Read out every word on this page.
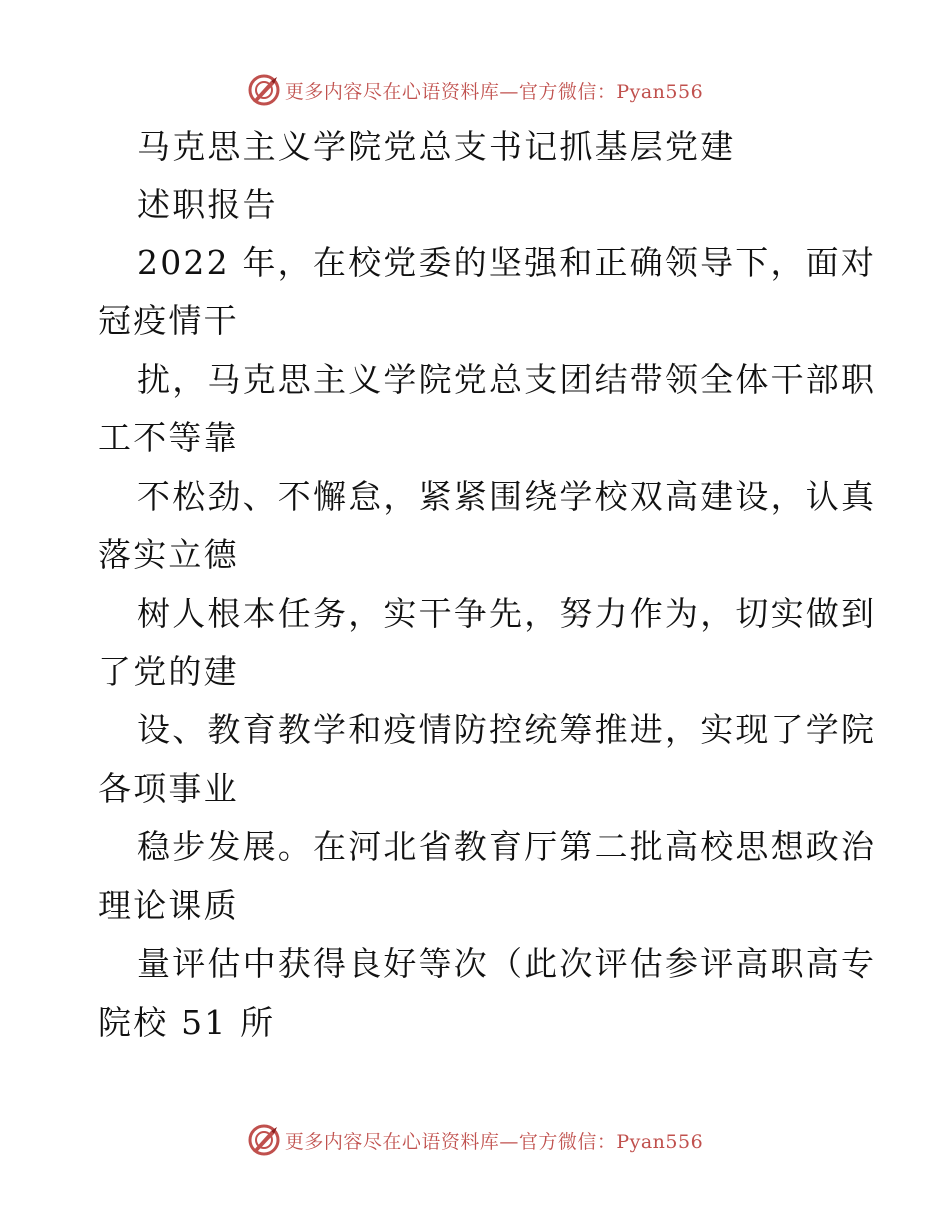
更多内容尽在心语资料库—官方微信：Pyan556
马克思主义学院党总支书记抓基层党建
述职报告
2022 年，在校党委的坚强和正确领导下，面对
冠疫情干
扰，马克思主义学院党总支团结带领全体干部职
工不等靠
不松劲、不懈怠，紧紧围绕学校双高建设，认真
落实立德
树人根本任务，实干争先，努力作为，切实做到
了党的建
设、教育教学和疫情防控统筹推进，实现了学院
各项事业
稳步发展。在河北省教育厅第二批高校思想政治
理论课质
量评估中获得良好等次（此次评估参评高职高专
院校 51 所
更多内容尽在心语资料库—官方微信：Pyan556
